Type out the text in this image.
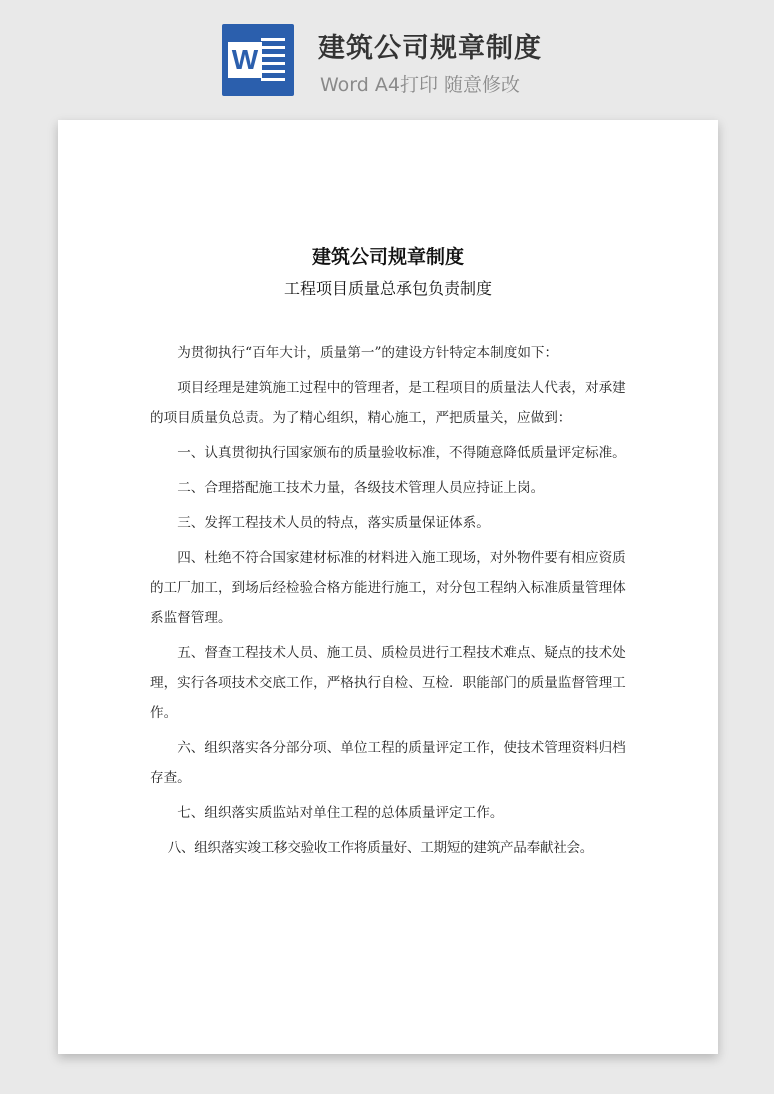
W 建筑公司规章制度
Word A4打印 随意修改

建筑公司规章制度
工程项目质量总承包负责制度

为贯彻执行“百年大计，质量第一”的建设方针特定本制度如下：

项目经理是建筑施工过程中的管理者，是工程项目的质量法人代表，对承建的项目质量负总责。为了精心组织，精心施工，严把质量关，应做到：

一、认真贯彻执行国家颁布的质量验收标准，不得随意降低质量评定标准。

二、合理搭配施工技术力量，各级技术管理人员应持证上岗。

三、发挥工程技术人员的特点，落实质量保证体系。

四、杜绝不符合国家建材标准的材料进入施工现场，对外物件要有相应资质的工厂加工，到场后经检验合格方能进行施工，对分包工程纳入标准质量管理体系监督管理。

五、督查工程技术人员、施工员、质检员进行工程技术难点、疑点的技术处理，实行各项技术交底工作，严格执行自检、互检．职能部门的质量监督管理工作。

六、组织落实各分部分项、单位工程的质量评定工作，使技术管理资料归档存查。

七、组织落实质监站对单住工程的总体质量评定工作。

八、组织落实竣工移交验收工作将质量好、工期短的建筑产品奉献社会。
